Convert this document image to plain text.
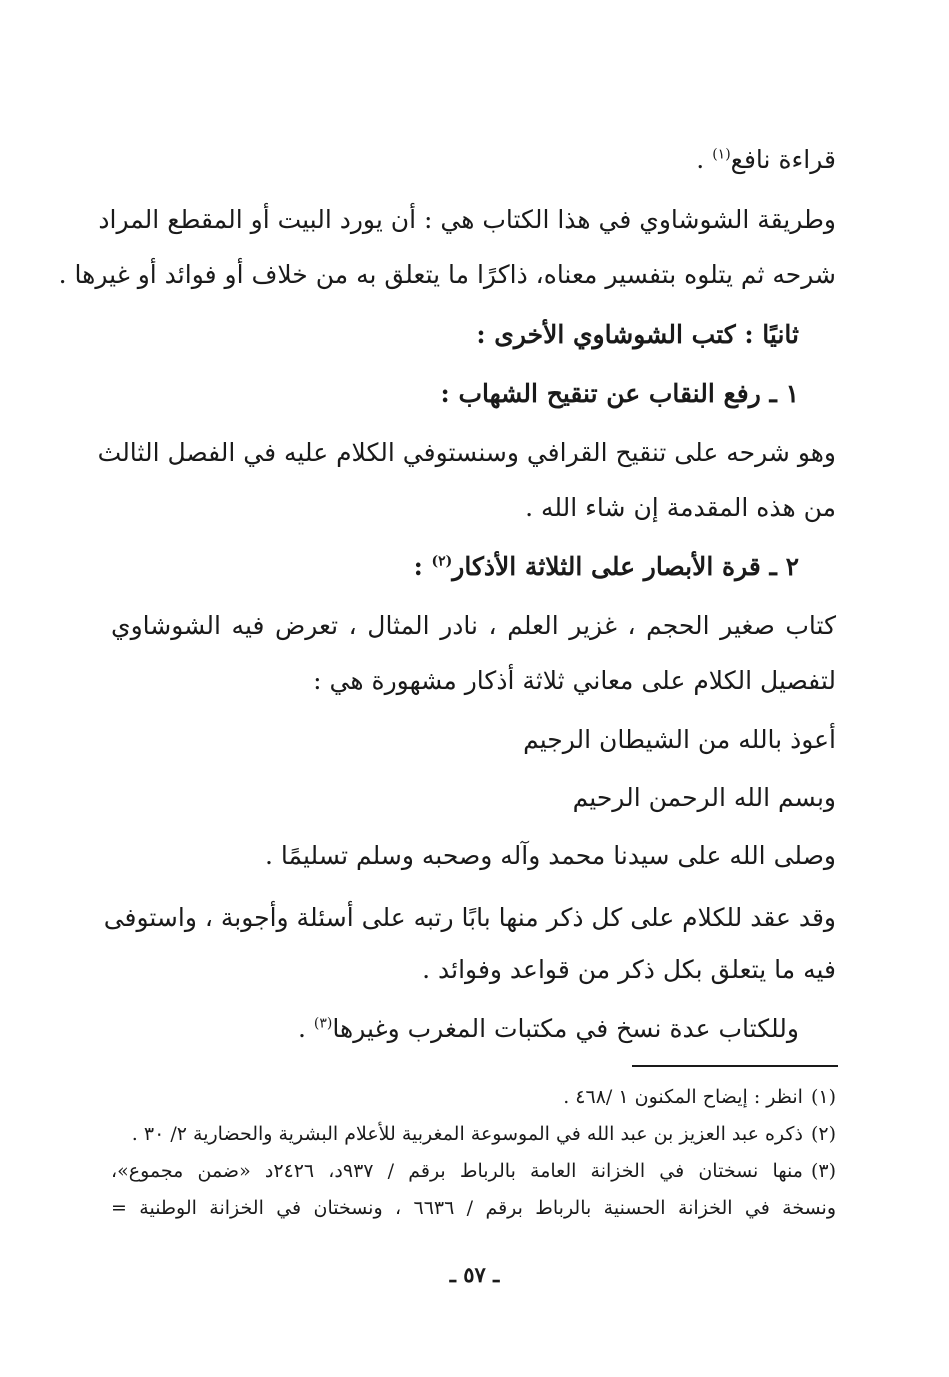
قراءة نافع$^{(١)}$ .
وطريقة الشوشاوي في هذا الكتاب هي : أن يورد البيت أو المقطع المراد
شرحه ثم يتلوه بتفسير معناه، ذاكرًا ما يتعلق به من خلاف أو فوائد أو غيرها .
ثانيًا : كتب الشوشاوي الأخرى :
١ ـ رفع النقاب عن تنقيح الشهاب :
وهو شرحه على تنقيح القرافي وسنستوفي الكلام عليه في الفصل الثالث
من هذه المقدمة إن شاء الله .
٢ ـ قرة الأبصار على الثلاثة الأذكار$^{(٢)}$ :
كتاب صغير الحجم ، غزير العلم ، نادر المثال ، تعرض فيه الشوشاوي
لتفصيل الكلام على معاني ثلاثة أذكار مشهورة هي :
أعوذ بالله من الشيطان الرجيم
وبسم الله الرحمن الرحيم
وصلى الله على سيدنا محمد وآله وصحبه وسلم تسليمًا .
وقد عقد للكلام على كل ذكر منها بابًا رتبه على أسئلة وأجوبة ، واستوفى
فيه ما يتعلق بكل ذكر من قواعد وفوائد .
وللكتاب عدة نسخ في مكتبات المغرب وغيرها$^{(٣)}$ .
(١)انظر : إيضاح المكنون ١ /٤٦٨ .
(٢)ذكره عبد العزيز بن عبد الله في الموسوعة المغربية للأعلام البشرية والحضارية ٢/ ٣٠ .
(٣)منها نسختان في الخزانة العامة بالرباط برقم / ٩٣٧د، ٢٤٢٦د «ضمن مجموع»،
ونسخة في الخزانة الحسنية بالرباط برقم / ٦٦٣٦ ، ونسختان في الخزانة الوطنية =
ـ ٥٧ ـ
